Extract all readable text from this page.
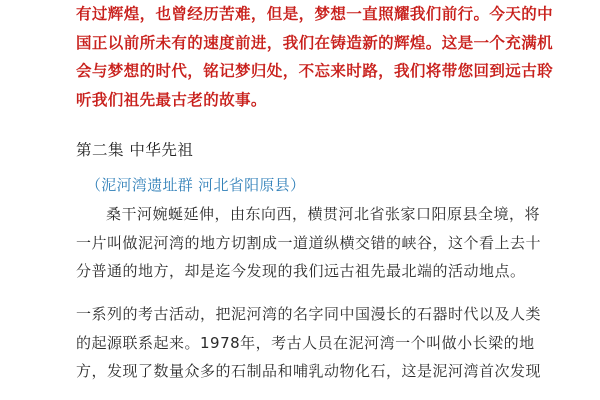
有过辉煌，也曾经历苦难，但是，梦想一直照耀我们前行。今天的中
国正以前所未有的速度前进，我们在铸造新的辉煌。这是一个充满机
会与梦想的时代，铭记梦归处，不忘来时路，我们将带您回到远古聆
听我们祖先最古老的故事。
第二集 中华先祖
（泥河湾遗址群 河北省阳原县）
桑干河婉蜒延伸，由东向西，横贯河北省张家口阳原县全境，将
一片叫做泥河湾的地方切割成一道道纵横交错的峡谷，这个看上去十
分普通的地方，却是迄今发现的我们远古祖先最北端的活动地点。
一系列的考古活动，把泥河湾的名字同中国漫长的石器时代以及人类
的起源联系起来。1978年，考古人员在泥河湾一个叫做小长梁的地
方，发现了数量众多的石制品和哺乳动物化石，这是泥河湾首次发现
